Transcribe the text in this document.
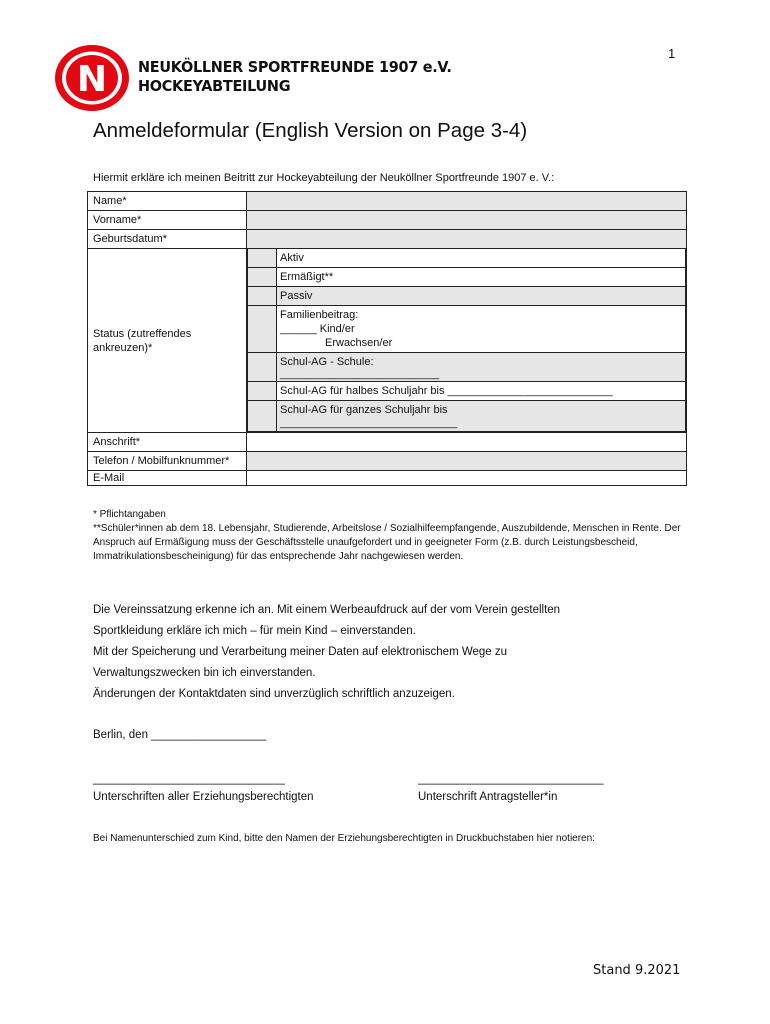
1
N NEUKÖLLNER SPORTFREUNDE 1907 e.V.
HOCKEYABTEILUNG
Anmeldeformular (English Version on Page 3-4)
Hiermit erkläre ich meinen Beitritt zur Hockeyabteilung der Neuköllner Sportfreunde 1907 e. V.:
Name*	
Vorname*	
Geburtsdatum*	
Status (zutreffendes ankreuzen)*	
	Aktiv
	Ermäßigt**
	Passiv

Familienbeitrag:
______ Kind/er
Erwachsen/er

Schul-AG - Schule:
__________________________

	Schul-AG für halbes Schuljahr bis ___________________________

Schul-AG für ganzes Schuljahr bis
_____________________________

Anschrift*	
Telefon / Mobilfunknummer*	
E-Mail	

* Pflichtangaben

**Schüler*innen ab dem 18. Lebensjahr, Studierende, Arbeitslose / Sozialhilfeempfangende, Auszubildende, Menschen in Rente. Der Anspruch auf Ermäßigung muss der Geschäftsstelle unaufgefordert und in geeigneter Form (z.B. durch Leistungsbescheid, Immatrikulationsbescheinigung) für das entsprechende Jahr nachgewiesen werden.

Die Vereinssatzung erkenne ich an. Mit einem Werbeaufdruck auf der vom Verein gestellten

Sportkleidung erkläre ich mich – für mein Kind – einverstanden.

Mit der Speicherung und Verarbeitung meiner Daten auf elektronischem Wege zu

Verwaltungszwecken bin ich einverstanden.

Änderungen der Kontaktdaten sind unverzüglich schriftlich anzuzeigen.

Berlin, den __________________
______________________________	_____________________________
Unterschriften aller Erziehungsberechtigten	Unterschrift Antragsteller*in
Bei Namenunterschied zum Kind, bitte den Namen der Erziehungsberechtigten in Druckbuchstaben hier notieren:
Stand 9.2021
